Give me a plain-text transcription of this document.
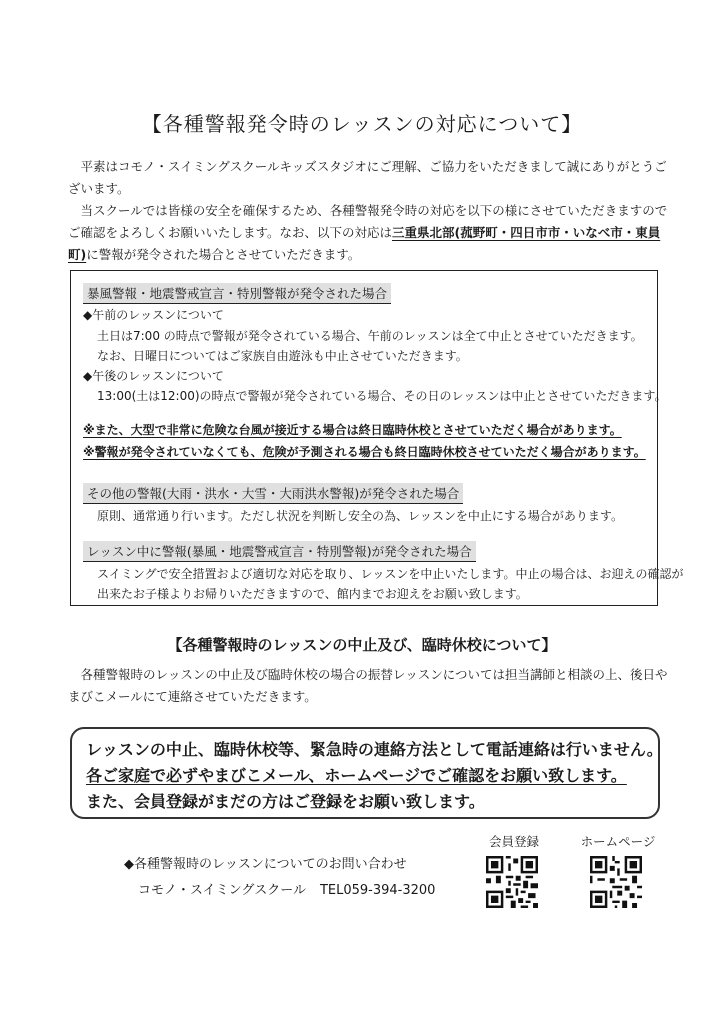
【各種警報発令時のレッスンの対応について】

平素はコモノ・スイミングスクールキッズスタジオにご理解、ご協力をいただきまして誠にありがとうございます。

当スクールでは皆様の安全を確保するため、各種警報発令時の対応を以下の様にさせていただきますのでご確認をよろしくお願いいたします。なお、以下の対応は三重県北部(菰野町・四日市市・いなべ市・東員町)に警報が発令された場合とさせていただきます。

暴風警報・地震警戒宣言・特別警報が発令された場合
◆午前のレッスンについて
土日は7:00 の時点で警報が発令されている場合、午前のレッスンは全て中止とさせていただきます。
なお、日曜日についてはご家族自由遊泳も中止させていただきます。
◆午後のレッスンについて
13:00(土は12:00)の時点で警報が発令されている場合、その日のレッスンは中止とさせていただきます。
※また、大型で非常に危険な台風が接近する場合は終日臨時休校とさせていただく場合があります。
※警報が発令されていなくても、危険が予測される場合も終日臨時休校させていただく場合があります。
その他の警報(大雨・洪水・大雪・大雨洪水警報)が発令された場合
原則、通常通り行います。ただし状況を判断し安全の為、レッスンを中止にする場合があります。
レッスン中に警報(暴風・地震警戒宣言・特別警報)が発令された場合
スイミングで安全措置および適切な対応を取り、レッスンを中止いたします。中止の場合は、お迎えの確認が
出来たお子様よりお帰りいただきますので、館内までお迎えをお願い致します。
【各種警報時のレッスンの中止及び、臨時休校について】
各種警報時のレッスンの中止及び臨時休校の場合の振替レッスンについては担当講師と相談の上、後日やまびこメールにて連絡させていただきます。
レッスンの中止、臨時休校等、緊急時の連絡方法として電話連絡は行いません。
各ご家庭で必ずやまびこメール、ホームページでご確認をお願い致します。
また、会員登録がまだの方はご登録をお願い致します。
◆各種警報時のレッスンについてのお問い合わせ
コモノ・スイミングスクール TEL059-394-3200
会員登録	ホームページ
